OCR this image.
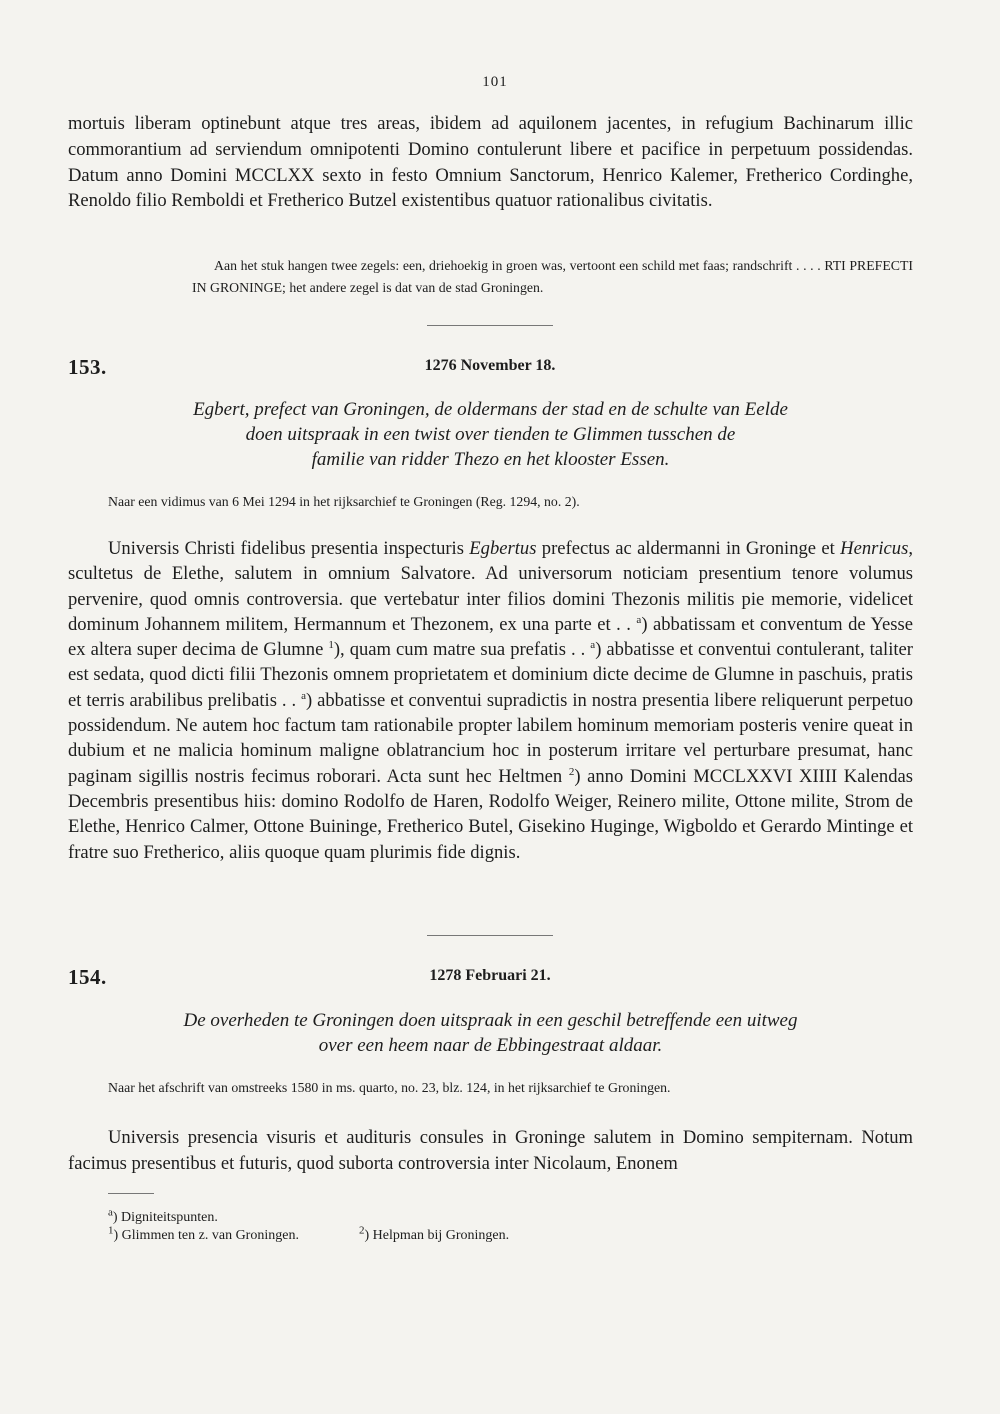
101
mortuis liberam optinebunt atque tres areas, ibidem ad aquilonem jacentes, in refugium Bachinarum illic commorantium ad serviendum omnipotenti Domino contulerunt libere et pacifice in perpetuum possidendas. Datum anno Domini MCCLXX sexto in festo Omnium Sanctorum, Henrico Kalemer, Fretherico Cordinghe, Renoldo filio Remboldi et Fretherico Butzel existentibus quatuor rationalibus civitatis.
Aan het stuk hangen twee zegels: een, driehoekig in groen was, vertoont een schild met faas; randschrift . . . . RTI PREFECTI IN GRONINGE; het andere zegel is dat van de stad Groningen.
153.	1276 November 18.
Egbert, prefect van Groningen, de oldermans der stad en de schulte van Eelde
doen uitspraak in een twist over tienden te Glimmen tusschen de
familie van ridder Thezo en het klooster Essen.
Naar een vidimus van 6 Mei 1294 in het rijksarchief te Groningen (Reg. 1294, no. 2).
Universis Christi fidelibus presentia inspecturis Egbertus prefectus ac aldermanni in Groninge et Henricus, scultetus de Elethe, salutem in omnium Salvatore. Ad universorum noticiam presentium tenore volumus pervenire, quod omnis controversia. que vertebatur inter filios domini Thezonis militis pie memorie, videlicet dominum Johannem militem, Hermannum et Thezonem, ex una parte et . . $^a$) abbatissam et conventum de Yesse ex altera super decima de Glumne $^1$), quam cum matre sua prefatis . . $^a$) abbatisse et conventui contulerant, taliter est sedata, quod dicti filii Thezonis omnem proprietatem et dominium dicte decime de Glumne in paschuis, pratis et terris arabilibus prelibatis . . $^a$) abbatisse et conventui supradictis in nostra presentia libere reliquerunt perpetuo possidendum. Ne autem hoc factum tam rationabile propter labilem hominum memoriam posteris venire queat in dubium et ne malicia hominum maligne oblatrancium hoc in posterum irritare vel perturbare presumat, hanc paginam sigillis nostris fecimus roborari. Acta sunt hec Heltmen $^2$) anno Domini MCCLXXVI XIIII Kalendas Decembris presentibus hiis: domino Rodolfo de Haren, Rodolfo Weiger, Reinero milite, Ottone milite, Strom de Elethe, Henrico Calmer, Ottone Buininge, Fretherico Butel, Gisekino Huginge, Wigboldo et Gerardo Mintinge et fratre suo Fretherico, aliis quoque quam plurimis fide dignis.
154.	1278 Februari 21.
De overheden te Groningen doen uitspraak in een geschil betreffende een uitweg
over een heem naar de Ebbingestraat aldaar.
Naar het afschrift van omstreeks 1580 in ms. quarto, no. 23, blz. 124, in het rijksarchief te Groningen.
Universis presencia visuris et audituris consules in Groninge salutem in Domino sempiternam. Notum facimus presentibus et futuris, quod suborta controversia inter Nicolaum, Enonem
$^a$) Digniteitspunten.
$^1$) Glimmen ten z. van Groningen.	$^2$) Helpman bij Groningen.
